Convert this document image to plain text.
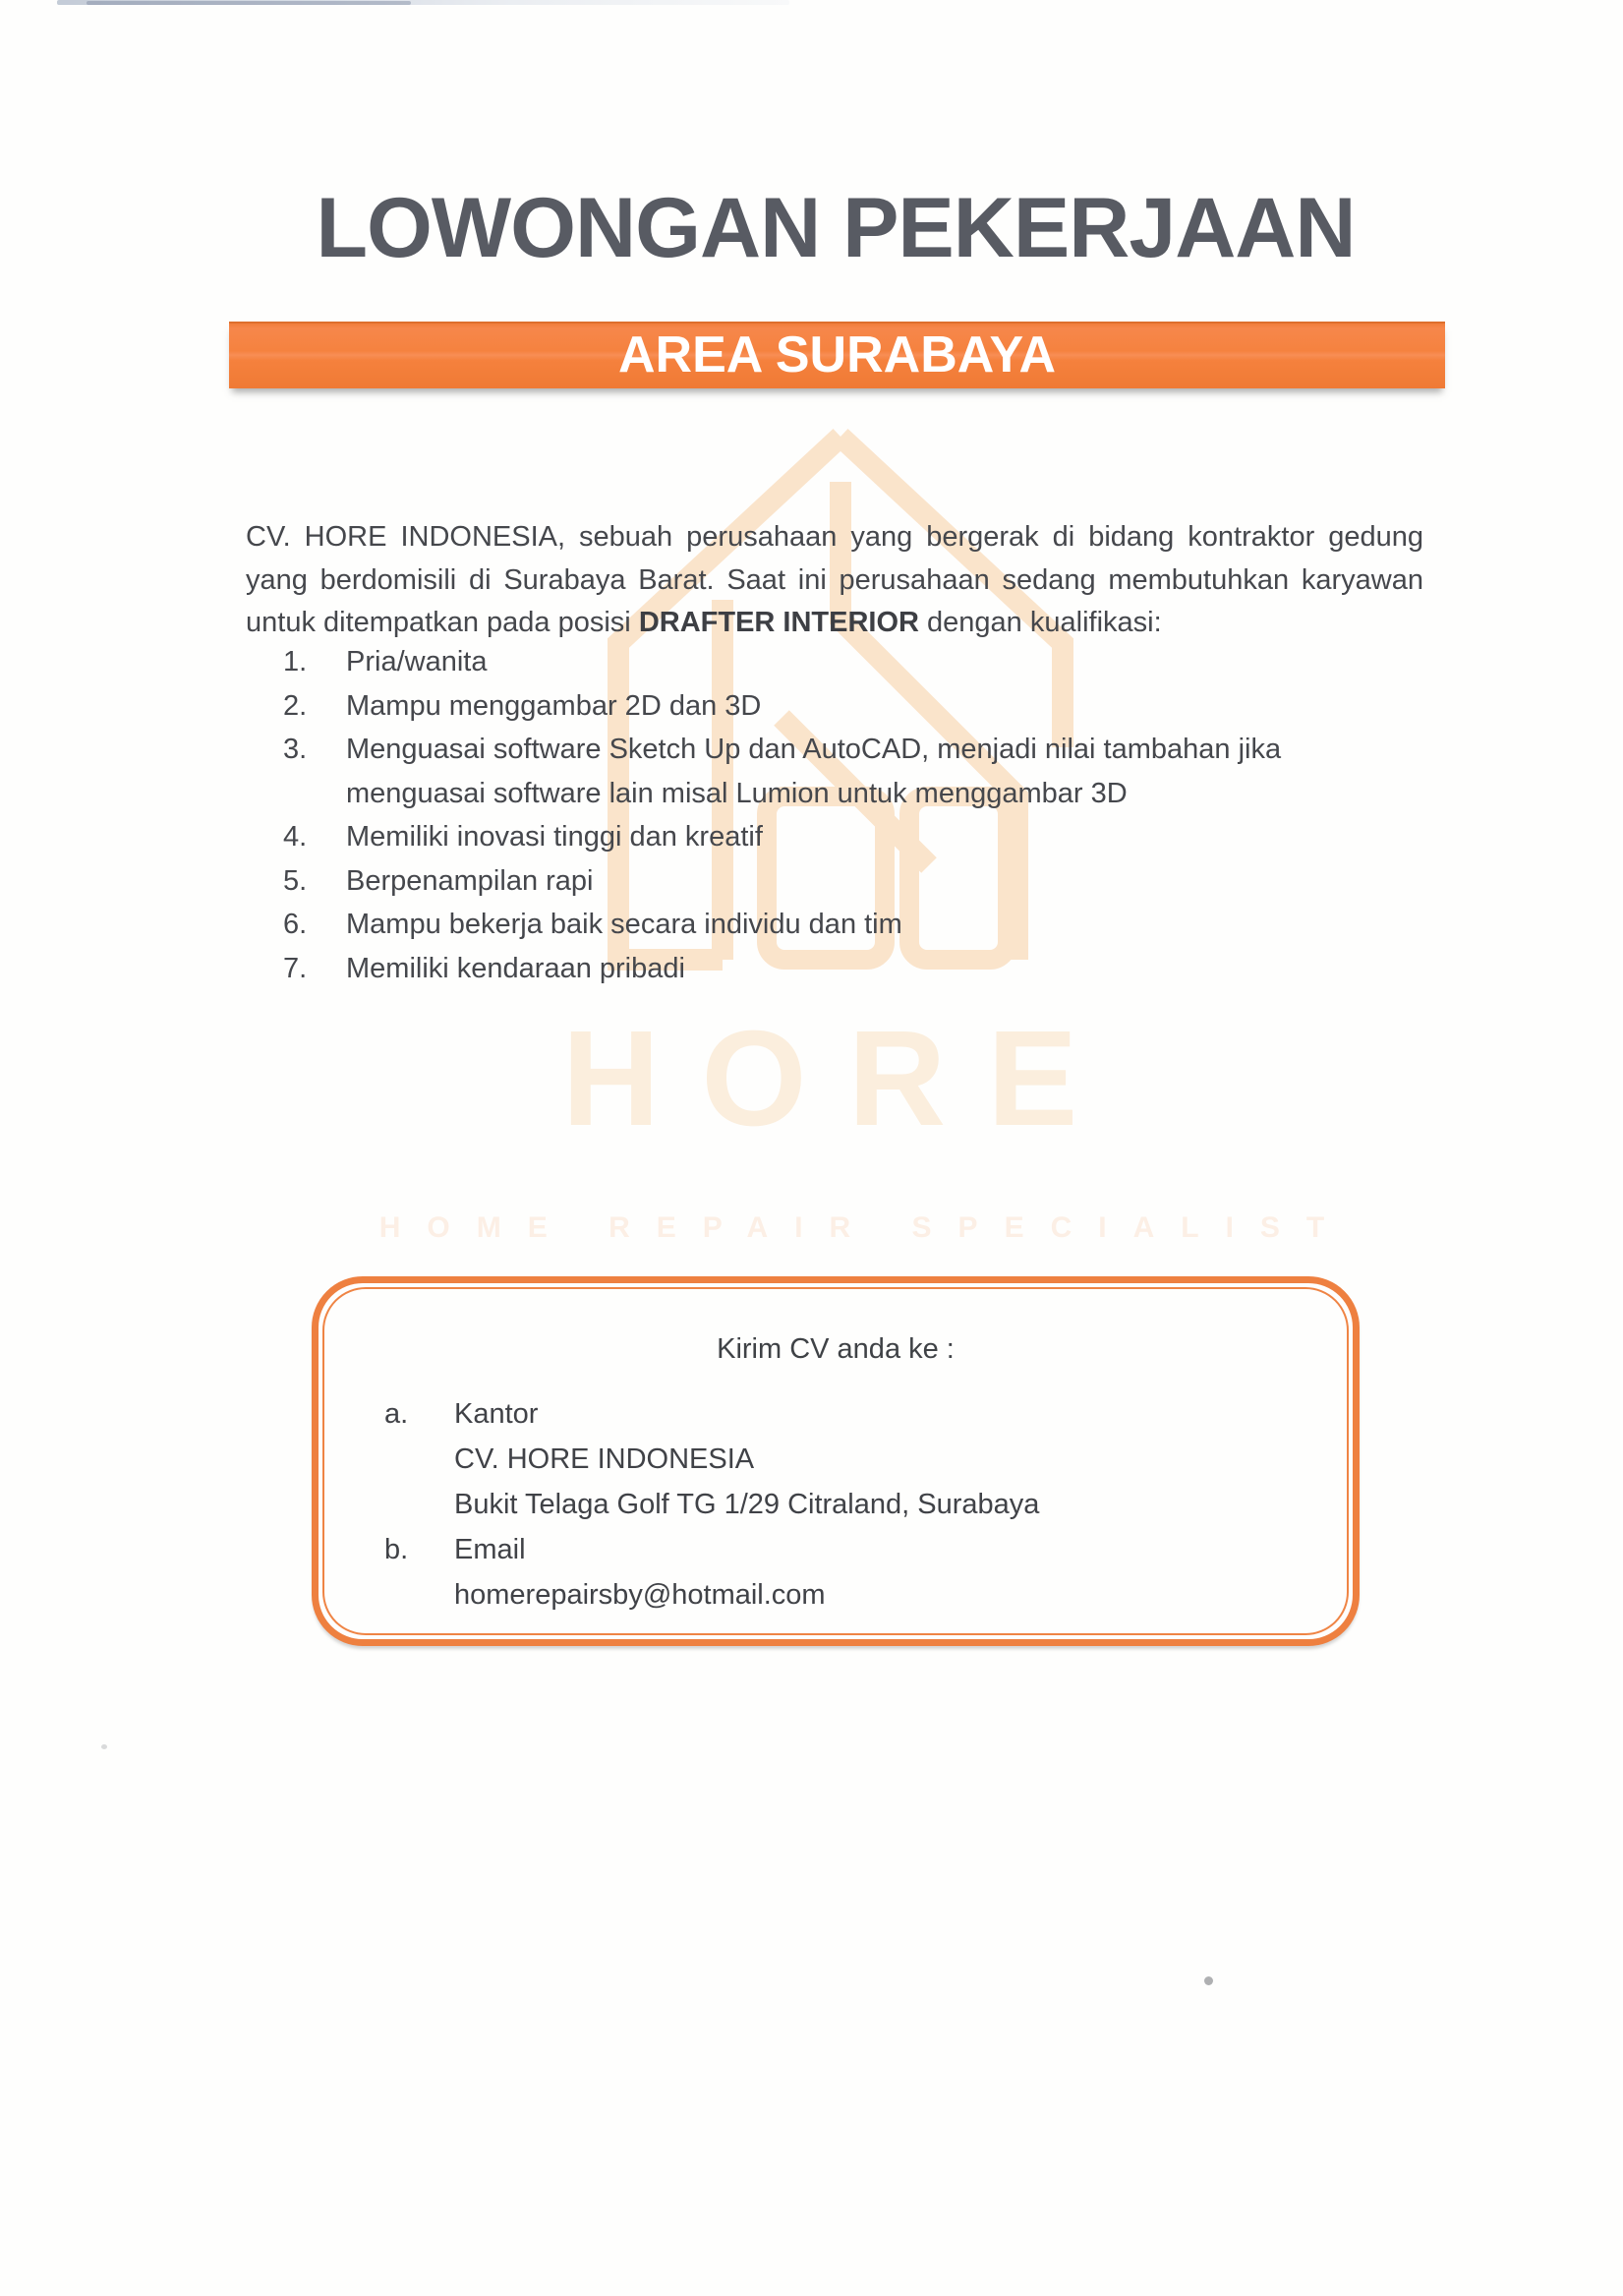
HORE
HOME REPAIR SPECIALIST
LOWONGAN PEKERJAAN
AREA SURABAYA

CV. HORE INDONESIA, sebuah perusahaan yang bergerak di bidang kontraktor gedung yang berdomisili di Surabaya Barat. Saat ini perusahaan sedang membutuhkan karyawan untuk ditempatkan pada posisi DRAFTER INTERIOR dengan kualifikasi:

1. Pria/wanita
2. Mampu menggambar 2D dan 3D
3. Menguasai software Sketch Up dan AutoCAD, menjadi nilai tambahan jika menguasai software lain misal Lumion untuk menggambar 3D
4. Memiliki inovasi tinggi dan kreatif
5. Berpenampilan rapi
6. Mampu bekerja baik secara individu dan tim
7. Memiliki kendaraan pribadi
Kirim CV anda ke :
a.	Kantor
CV. HORE INDONESIA
Bukit Telaga Golf TG 1/29 Citraland, Surabaya
b.	Email
homerepairsby@hotmail.com
